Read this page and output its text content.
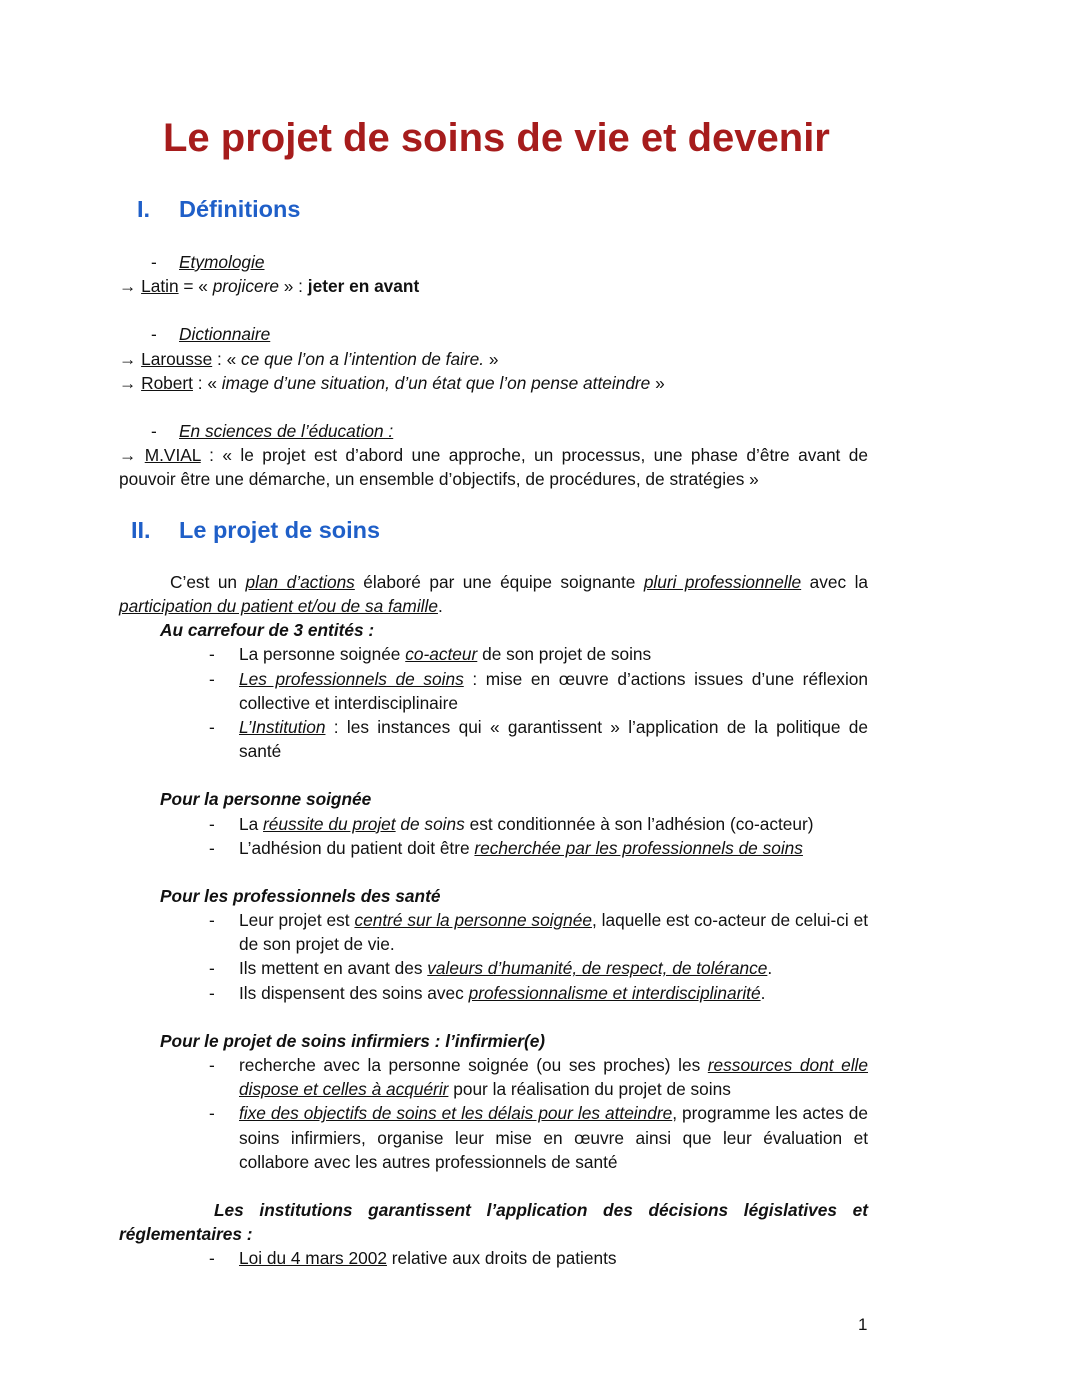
Le projet de soins de vie et devenir
I. Définitions
- Etymologie
→ Latin = « projicere » : jeter en avant
- Dictionnaire
→ Larousse : « ce que l’on a l’intention de faire. »
→ Robert : « image d’une situation, d’un état que l’on pense atteindre »
- En sciences de l’éducation :
→ M.VIAL : « le projet est d’abord une approche, un processus, une phase d’être avant de pouvoir être une démarche, un ensemble d’objectifs, de procédures, de stratégies »
II. Le projet de soins
C’est un plan d’actions élaboré par une équipe soignante pluri professionnelle avec la participation du patient et/ou de sa famille.
Au carrefour de 3 entités :
- La personne soignée co-acteur de son projet de soins
- Les professionnels de soins : mise en œuvre d’actions issues d’une réflexion collective et interdisciplinaire
- L’Institution : les instances qui « garantissent » l’application de la politique de santé
Pour la personne soignée
- La réussite du projet de soins est conditionnée à son l’adhésion (co-acteur)
- L’adhésion du patient doit être recherchée par les professionnels de soins
Pour les professionnels des santé
- Leur projet est centré sur la personne soignée, laquelle est co-acteur de celui-ci et de son projet de vie.
- Ils mettent en avant des valeurs d’humanité, de respect, de tolérance.
- Ils dispensent des soins avec professionnalisme et interdisciplinarité.
Pour le projet de soins infirmiers : l’infirmier(e)
- recherche avec la personne soignée (ou ses proches) les ressources dont elle dispose et celles à acquérir pour la réalisation du projet de soins
- fixe des objectifs de soins et les délais pour les atteindre, programme les actes de soins infirmiers, organise leur mise en œuvre ainsi que leur évaluation et collabore avec les autres professionnels de santé
Les institutions garantissent l’application des décisions législatives et réglementaires :
- Loi du 4 mars 2002 relative aux droits de patients
1
